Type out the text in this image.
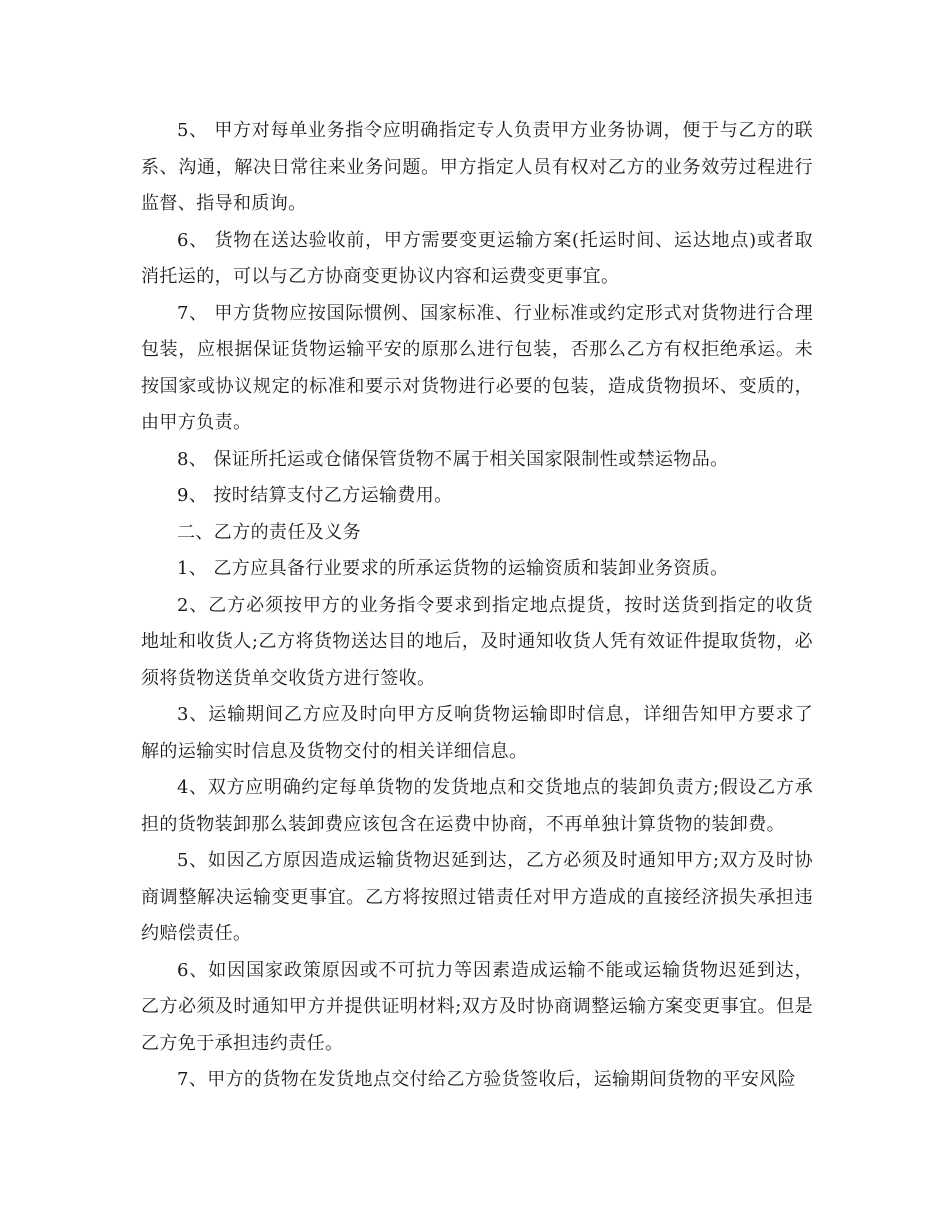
5、 甲方对每单业务指令应明确指定专人负责甲方业务协调，便于与乙方的联系、沟通，解决日常往来业务问题。甲方指定人员有权对乙方的业务效劳过程进行监督、指导和质询。

6、 货物在送达验收前，甲方需要变更运输方案(托运时间、运达地点)或者取消托运的，可以与乙方协商变更协议内容和运费变更事宜。

7、 甲方货物应按国际惯例、国家标准、行业标准或约定形式对货物进行合理包装，应根据保证货物运输平安的原那么进行包装，否那么乙方有权拒绝承运。未按国家或协议规定的标准和要示对货物进行必要的包装，造成货物损坏、变质的，由甲方负责。

8、 保证所托运或仓储保管货物不属于相关国家限制性或禁运物品。

9、 按时结算支付乙方运输费用。

二、乙方的责任及义务

1、 乙方应具备行业要求的所承运货物的运输资质和装卸业务资质。

2、乙方必须按甲方的业务指令要求到指定地点提货，按时送货到指定的收货地址和收货人;乙方将货物送达目的地后，及时通知收货人凭有效证件提取货物，必须将货物送货单交收货方进行签收。

3、运输期间乙方应及时向甲方反响货物运输即时信息，详细告知甲方要求了解的运输实时信息及货物交付的相关详细信息。

4、双方应明确约定每单货物的发货地点和交货地点的装卸负责方;假设乙方承担的货物装卸那么装卸费应该包含在运费中协商，不再单独计算货物的装卸费。

5、如因乙方原因造成运输货物迟延到达，乙方必须及时通知甲方;双方及时协商调整解决运输变更事宜。乙方将按照过错责任对甲方造成的直接经济损失承担违约赔偿责任。

6、如因国家政策原因或不可抗力等因素造成运输不能或运输货物迟延到达，乙方必须及时通知甲方并提供证明材料;双方及时协商调整运输方案变更事宜。但是乙方免于承担违约责任。

7、甲方的货物在发货地点交付给乙方验货签收后，运输期间货物的平安风险
